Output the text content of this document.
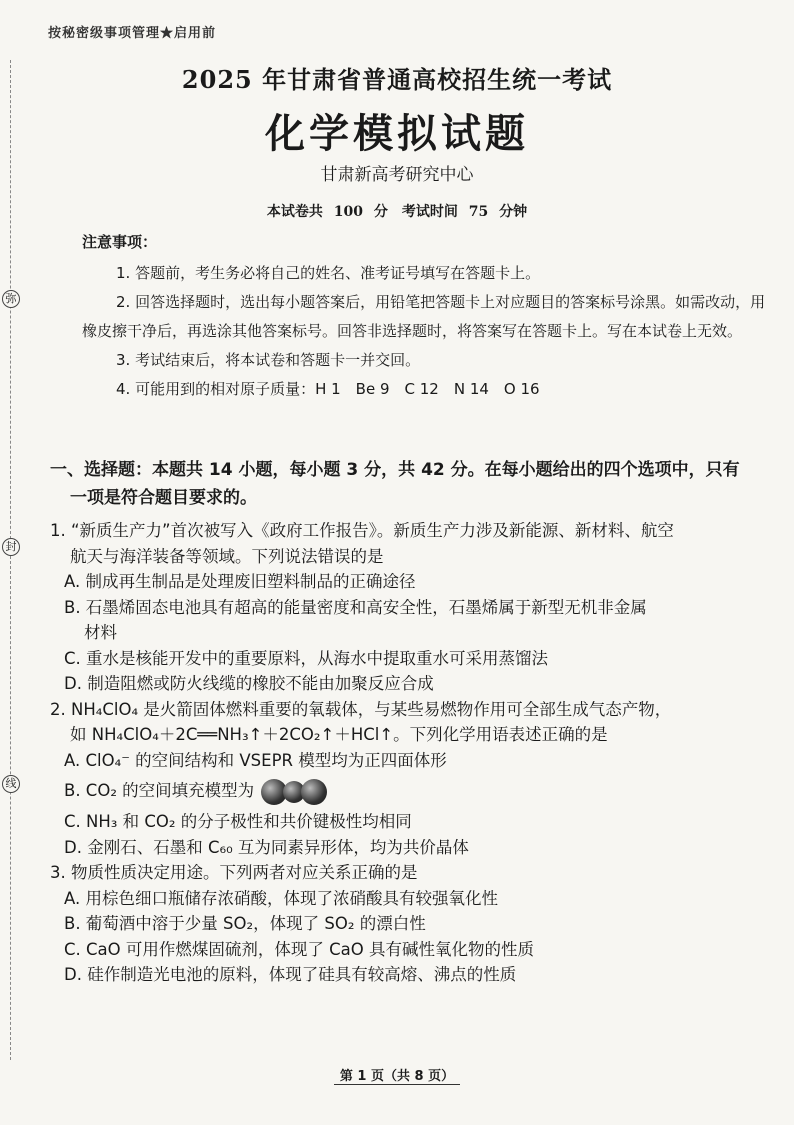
弥
封
线
按秘密级事项管理★启用前
2025 年甘肃省普通高校招生统一考试
化学模拟试题
甘肃新高考研究中心
本试卷共 100 分　考试时间 75 分钟
注意事项：
1. 答题前，考生务必将自己的姓名、准考证号填写在答题卡上。
2. 回答选择题时，选出每小题答案后，用铅笔把答题卡上对应题目的答案标号涂黑。如需改动，用橡皮擦干净后，再选涂其他答案标号。回答非选择题时，将答案写在答题卡上。写在本试卷上无效。
3. 考试结束后，将本试卷和答题卡一并交回。
4. 可能用到的相对原子质量：H 1　Be 9　C 12　N 14　O 16
一、选择题：本题共 14 小题，每小题 3 分，共 42 分。在每小题给出的四个选项中，只有
一项是符合题目要求的。
1. “新质生产力”首次被写入《政府工作报告》。新质生产力涉及新能源、新材料、航空
航天与海洋装备等领域。下列说法错误的是
A. 制成再生制品是处理废旧塑料制品的正确途径
B. 石墨烯固态电池具有超高的能量密度和高安全性，石墨烯属于新型无机非金属
材料
C. 重水是核能开发中的重要原料，从海水中提取重水可采用蒸馏法
D. 制造阻燃或防火线缆的橡胶不能由加聚反应合成
2. NH₄ClO₄ 是火箭固体燃料重要的氧载体，与某些易燃物作用可全部生成气态产物，
如 NH₄ClO₄＋2C══NH₃↑＋2CO₂↑＋HCl↑。下列化学用语表述正确的是
A. ClO₄⁻ 的空间结构和 VSEPR 模型均为正四面体形
B. CO₂ 的空间填充模型为
C. NH₃ 和 CO₂ 的分子极性和共价键极性均相同
D. 金刚石、石墨和 C₆₀ 互为同素异形体，均为共价晶体
3. 物质性质决定用途。下列两者对应关系正确的是
A. 用棕色细口瓶储存浓硝酸，体现了浓硝酸具有较强氧化性
B. 葡萄酒中溶于少量 SO₂，体现了 SO₂ 的漂白性
C. CaO 可用作燃煤固硫剂，体现了 CaO 具有碱性氧化物的性质
D. 硅作制造光电池的原料，体现了硅具有较高熔、沸点的性质
第 1 页（共 8 页）
